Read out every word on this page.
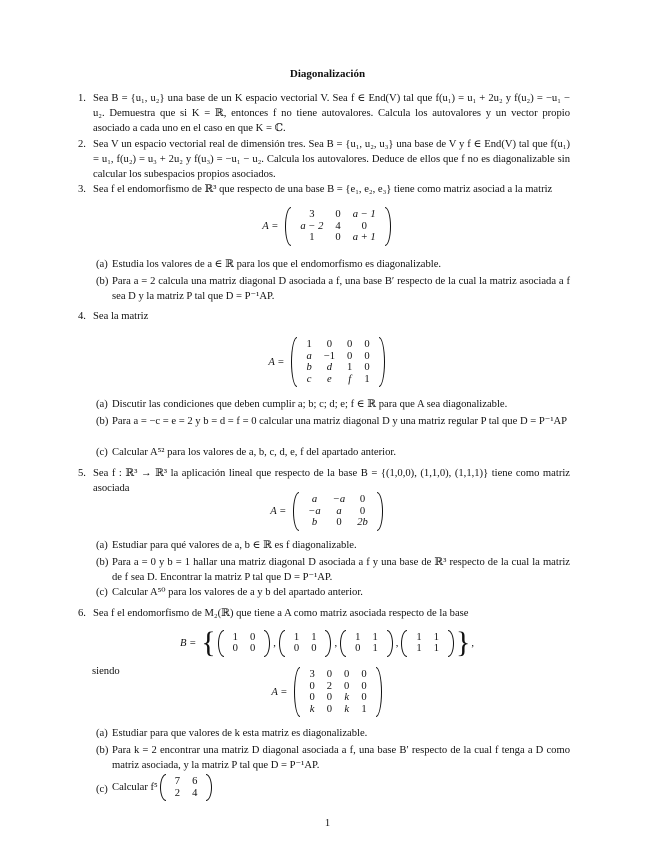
Diagonalización
1. Sea B = {u₁, u₂} una base de un K espacio vectorial V. Sea f ∈ End(V) tal que f(u₁) = u₁ + 2u₂ y f(u₂) = −u₁ − u₂. Demuestra que si K = ℝ, entonces f no tiene autovalores. Calcula los autovalores y un vector propio asociado a cada uno en el caso en que K = ℂ.
2. Sea V un espacio vectorial real de dimensión tres. Sea B = {u₁, u₂, u₃} una base de V y f ∈ End(V) tal que f(u₁) = u₁, f(u₂) = u₃ + 2u₂ y f(u₃) = −u₁ − u₂. Calcula los autovalores. Deduce de ellos que f no es diagonalizable sin calcular los subespacios propios asociados.
3. Sea f el endomorfismo de ℝ³ que respecto de una base B = {e₁, e₂, e₃} tiene como matriz asociad a la matriz
A =
3	0	a − 1
a − 2	4	0
1	0	a + 1
(a) Estudia los valores de a ∈ ℝ para los que el endomorfismo es diagonalizable.
(b) Para a = 2 calcula una matriz diagonal D asociada a f, una base B′ respecto de la cual la matriz asociada a f sea D y la matriz P tal que D = P⁻¹AP.
4. Sea la matriz
A =
1	0	0	0
a	−1	0	0
b	d	1	0
c	e	f	1
(a) Discutir las condiciones que deben cumplir a; b; c; d; e; f ∈ ℝ para que A sea diagonalizable.
(b) Para a = −c = e = 2 y b = d = f = 0 calcular una matriz diagonal D y una matriz regular P tal que D = P⁻¹AP
(c) Calcular A⁵² para los valores de a, b, c, d, e, f del apartado anterior.
5. Sea f : ℝ³ → ℝ³ la aplicación lineal que respecto de la base B = {(1,0,0), (1,1,0), (1,1,1)} tiene como matriz asociada
A =
a	−a	0
−a	a	0
b	0	2b
(a) Estudiar para qué valores de a, b ∈ ℝ es f diagonalizable.
(b) Para a = 0 y b = 1 hallar una matriz diagonal D asociada a f y una base de ℝ³ respecto de la cual la matriz de f sea D. Encontrar la matriz P tal que D = P⁻¹AP.
(c) Calcular A⁵⁰ para los valores de a y b del apartado anterior.
6. Sea f el endomorfismo de M₂(ℝ) que tiene a A como matriz asociada respecto de la base
B = { 1	0
0	0 ,
1	1
0	0 ,
1	1
0	1 ,
1	1
1	1 } ,
siendo
A =
3	0	0	0
0	2	0	0
0	0	k	0
k	0	k	1
(a) Estudiar para que valores de k esta matriz es diagonalizable.
(b) Para k = 2 encontrar una matriz D diagonal asociada a f, una base B′ respecto de la cual f tenga a D como matriz asociada, y la matriz P tal que D = P⁻¹AP.
(c) Calcular f⁵
7	6
2	4
1
